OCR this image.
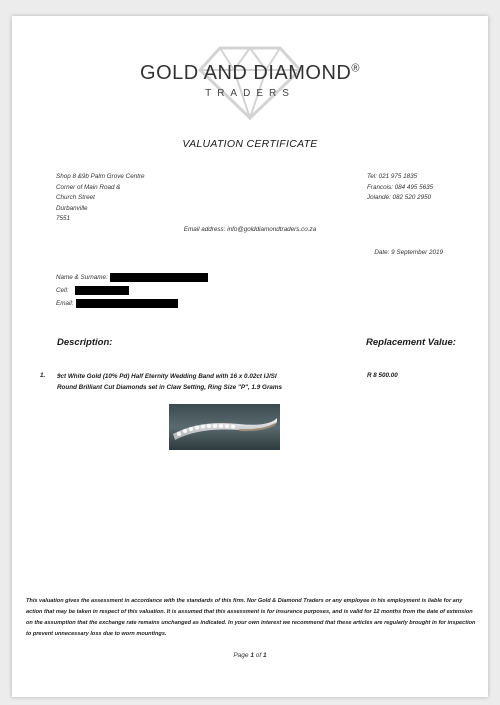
GOLD AND DIAMOND®
TRADERS
VALUATION CERTIFICATE
Shop 8 &9b Palm Grove Centre
Corner of Main Road &
Church Street
Durbanville
7551
Tel: 021 975 1835
Francois: 084 495 5635
Jolandé: 082 520 2950
Email address: info@golddiamondtraders.co.za
Date: 9 September 2019
Name & Surname:
Cell:
Email:
Description:	Replacement Value:
1. 9ct White Gold (10% Pd) Half Eternity Wedding Band with 16 x 0.02ct IJ/SI
Round Brilliant Cut Diamonds set in Claw Setting, Ring Size "P", 1.9 Grams
R 8 500.00
This valuation gives the assessment in accordance with the standards of this firm. Nor Gold & Diamond Traders or any employee in his employment is liable for any action that may be taken in respect of this valuation. It is assumed that this assessment is for insurance purposes, and is valid for 12 months from the date of extension on the assumption that the exchange rate remains unchanged as indicated. In your own interest we recommend that these articles are regularly brought in for inspection to prevent unnecessary loss due to worn mountings.
Page 1 of 1
